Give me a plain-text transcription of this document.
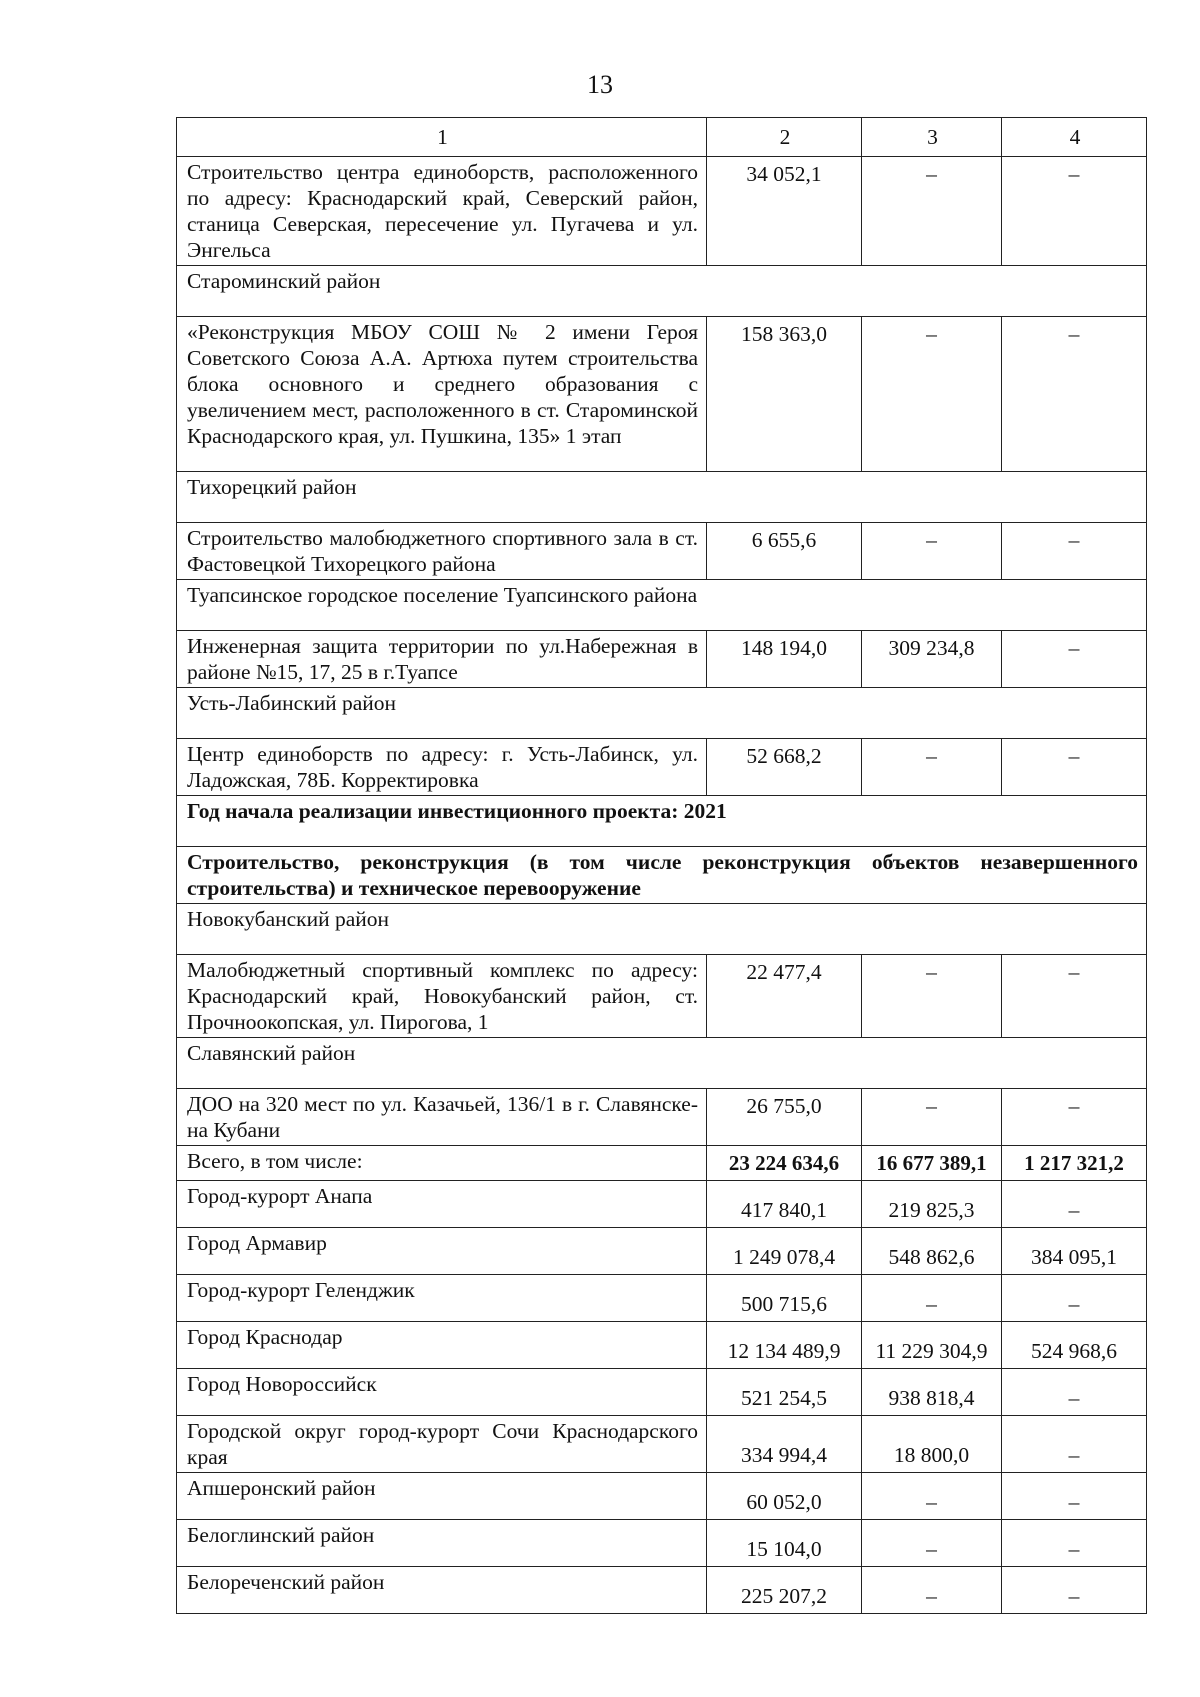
13
1	2	3	4
Строительство центра единоборств, расположенного по адресу: Краснодарский край, Северский район, станица Северская, пересечение ул. Пугачева и ул. Энгельса	34 052,1	–	–
Староминский район			
«Реконструкция МБОУ СОШ № 2 имени Героя Советского Союза А.А. Артюха путем строительства блока основного и среднего образования с увеличением мест, расположенного в ст. Староминской Краснодарского края, ул. Пушкина, 135» 1 этап	158 363,0	–	–
Тихорецкий район			
Строительство малобюджетного спортивного зала в ст. Фастовецкой Тихорецкого района	6 655,6	–	–
Туапсинское городское поселение Туапсинского района			
Инженерная защита территории по ул.Набережная в районе №15, 17, 25 в г.Туапсе	148 194,0	309 234,8	–
Усть-Лабинский район			
Центр единоборств по адресу: г. Усть-Лабинск, ул. Ладожская, 78Б. Корректировка	52 668,2	–	–
Год начала реализации инвестиционного проекта: 2021			
Строительство, реконструкция (в том числе реконструкция объектов незавершенного строительства) и техническое перевооружение			
Новокубанский район			
Малобюджетный спортивный комплекс по адресу: Краснодарский край, Новокубанский район, ст. Прочноокопская, ул. Пирогова, 1	22 477,4	–	–
Славянский район			
ДОО на 320 мест по ул. Казачьей, 136/1 в г. Славянске-на Кубани	26 755,0	–	–
Всего, в том числе:	23 224 634,6	16 677 389,1	1 217 321,2
Город-курорт Анапа	417 840,1	219 825,3	–
Город Армавир	1 249 078,4	548 862,6	384 095,1
Город-курорт Геленджик	500 715,6	–	–
Город Краснодар	12 134 489,9	11 229 304,9	524 968,6
Город Новороссийск	521 254,5	938 818,4	–
Городской округ город-курорт Сочи Краснодарского края	334 994,4	18 800,0	–
Апшеронский район	60 052,0	–	–
Белоглинский район	15 104,0	–	–
Белореченский район	225 207,2	–	–
